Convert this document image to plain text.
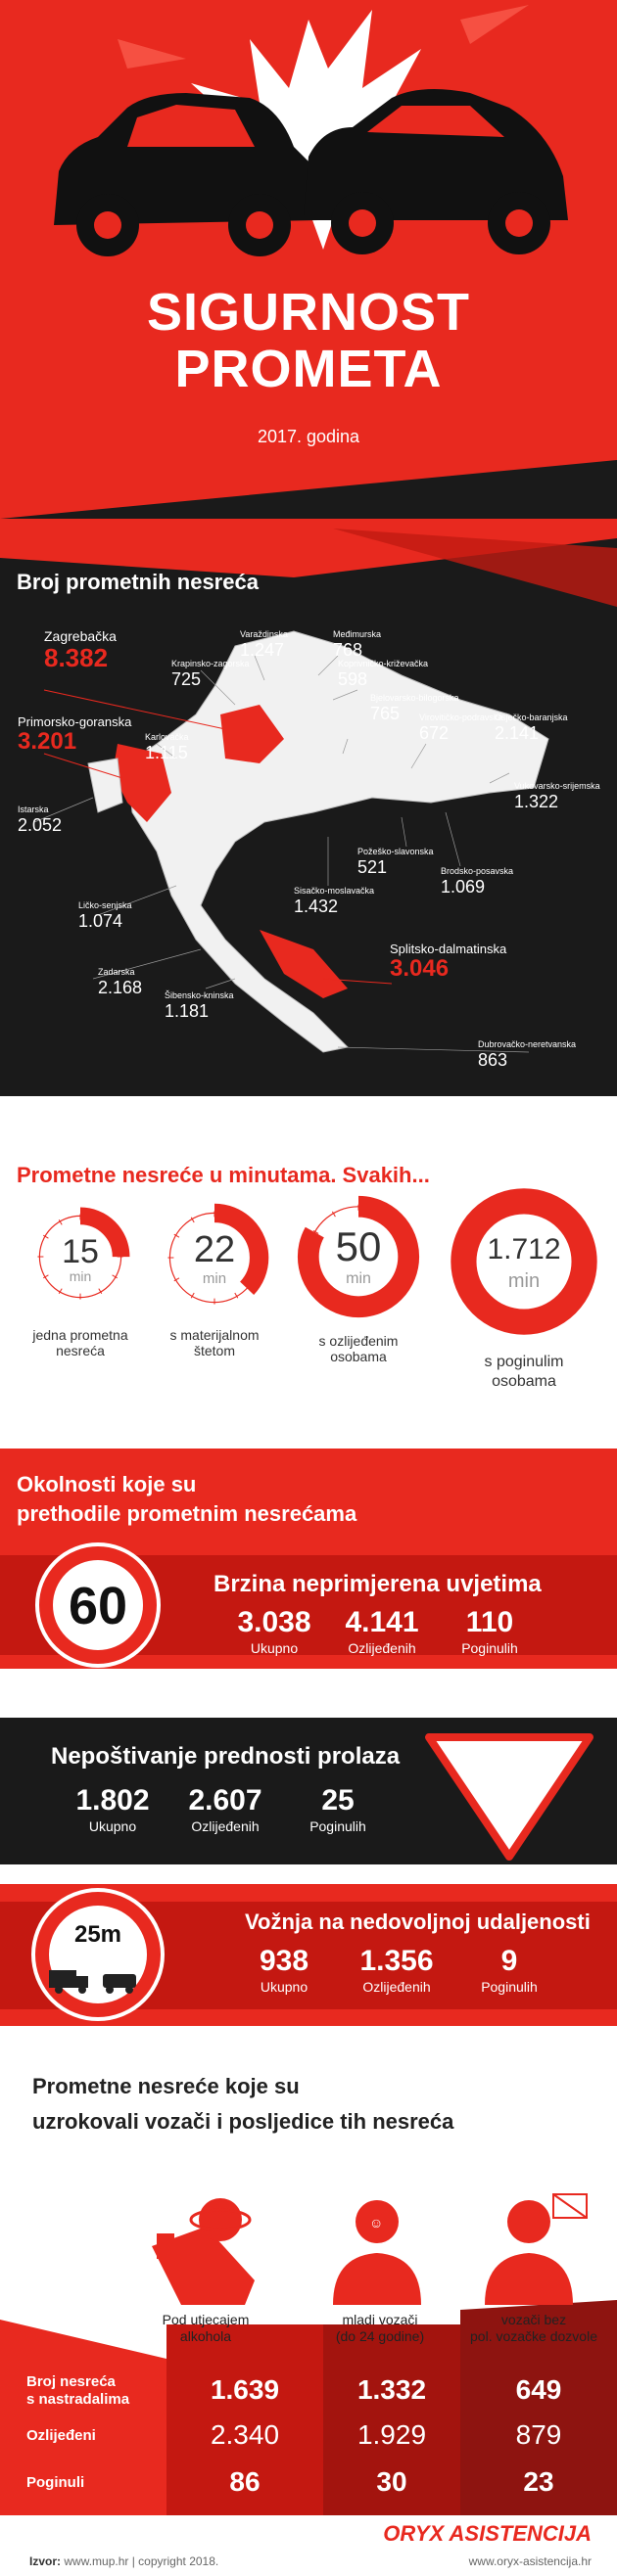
SIGURNOST
PROMETA
2017. godina
Broj prometnih nesreća
Zagrebačka
8.382
Primorsko-goranska
3.201
Splitsko-dalmatinska
3.046
Varaždinska
1.247
Međimurska
768
Krapinsko-zagorska
725
Koprivničko-križevačka
598
Bjelovarsko-bilogorska
765	Virovitičko-podravska
672
Osječko-baranjska
2.141
Karlovačka
1.115
Vukovarsko-srijemska
1.322
Istarska
2.052
Požeško-slavonska
521	Brodsko-posavska
1.069
Sisačko-moslavačka
1.432
Ličko-senjska
1.074
Zadarska
2.168	Šibensko-kninska
1.181
Dubrovačko-neretvanska
863
Prometne nesreće u minutama. Svakih...
15
min
jedna prometna
nesreća
22
min
s materijalnom
štetom
50
min
s ozlijeđenim
osobama
1.712
min
s poginulim
osobama
Okolnosti koje su
prethodile prometnim nesrećama
60	Brzina neprimjerena uvjetima
3.038
Ukupno
4.141
Ozlijeđenih
110
Poginulih
Nepoštivanje prednosti prolaza
1.802
Ukupno
2.607
Ozlijeđenih
25
Poginulih
25m	Vožnja na nedovoljnoj udaljenosti
938
Ukupno
1.356
Ozlijeđenih
9
Poginulih
☺
Prometne nesreće koje su
uzrokovali vozači i posljedice tih nesreća
Pod utjecajem
alkohola
mladi vozači
(do 24 godine)
vozači bez
pol. vozačke dozvole
Broj nesreća
s nastradalima	1.639	1.332	649
Ozlijeđeni	2.340	1.929	879
Poginuli	86	30	23
ORYX ASISTENCIJA
Izvor: www.mup.hr | copyright 2018.	www.oryx-asistencija.hr
